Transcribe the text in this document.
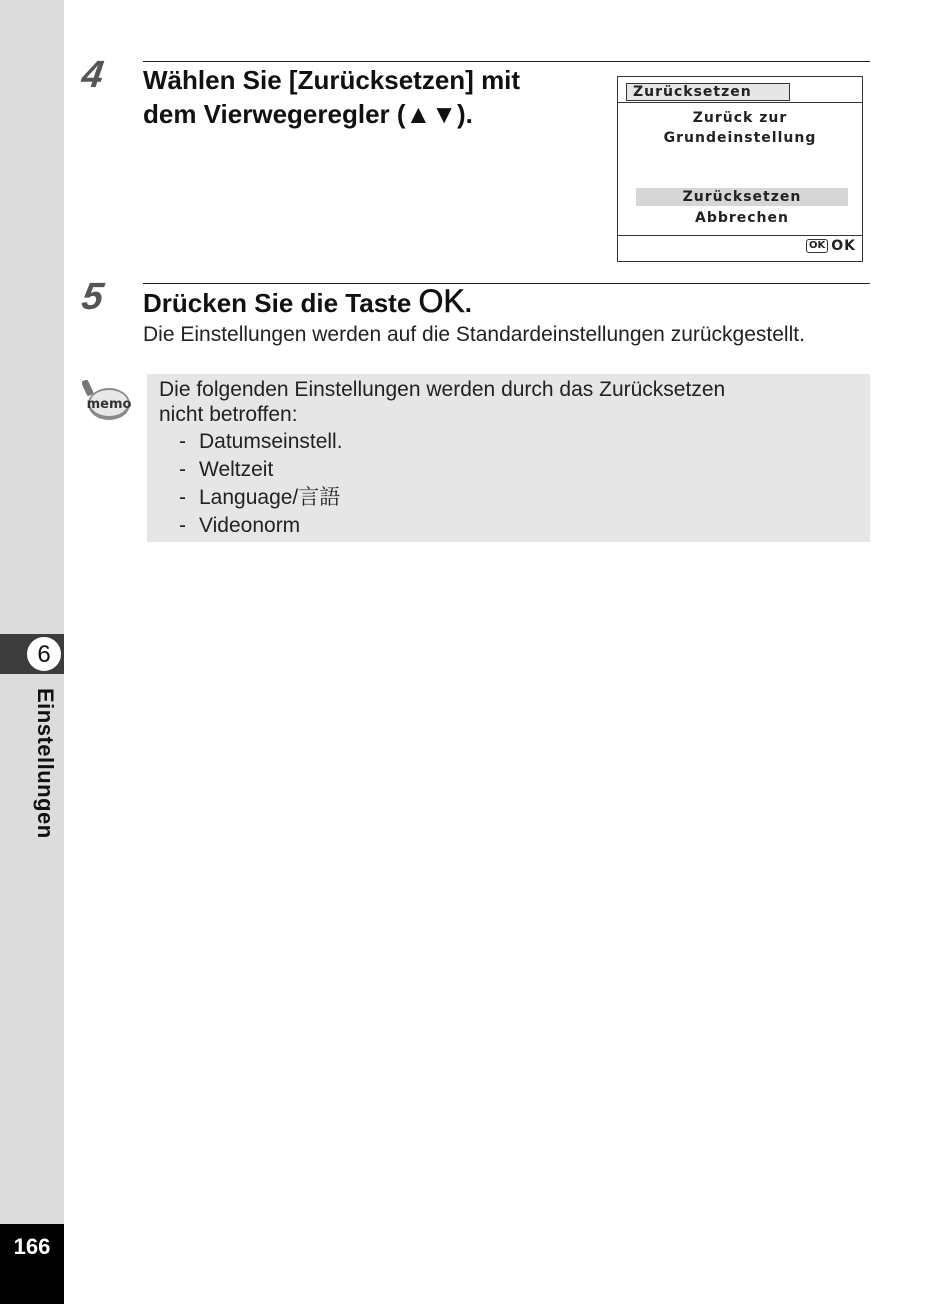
6
Einstellungen
166
4 Wählen Sie [Zurücksetzen] mit
dem Vierwegeregler (▲▼).
Zurücksetzen
Zurück zur
Grundeinstellung
Zurücksetzen
Abbrechen
OK OK
5 Drücken Sie die Taste OK.
Die Einstellungen werden auf die Standardeinstellungen zurückgestellt.
memo
Die folgenden Einstellungen werden durch das Zurücksetzen
nicht betroffen:
- Datumseinstell.
- Weltzeit
- Language/言語
- Videonorm
